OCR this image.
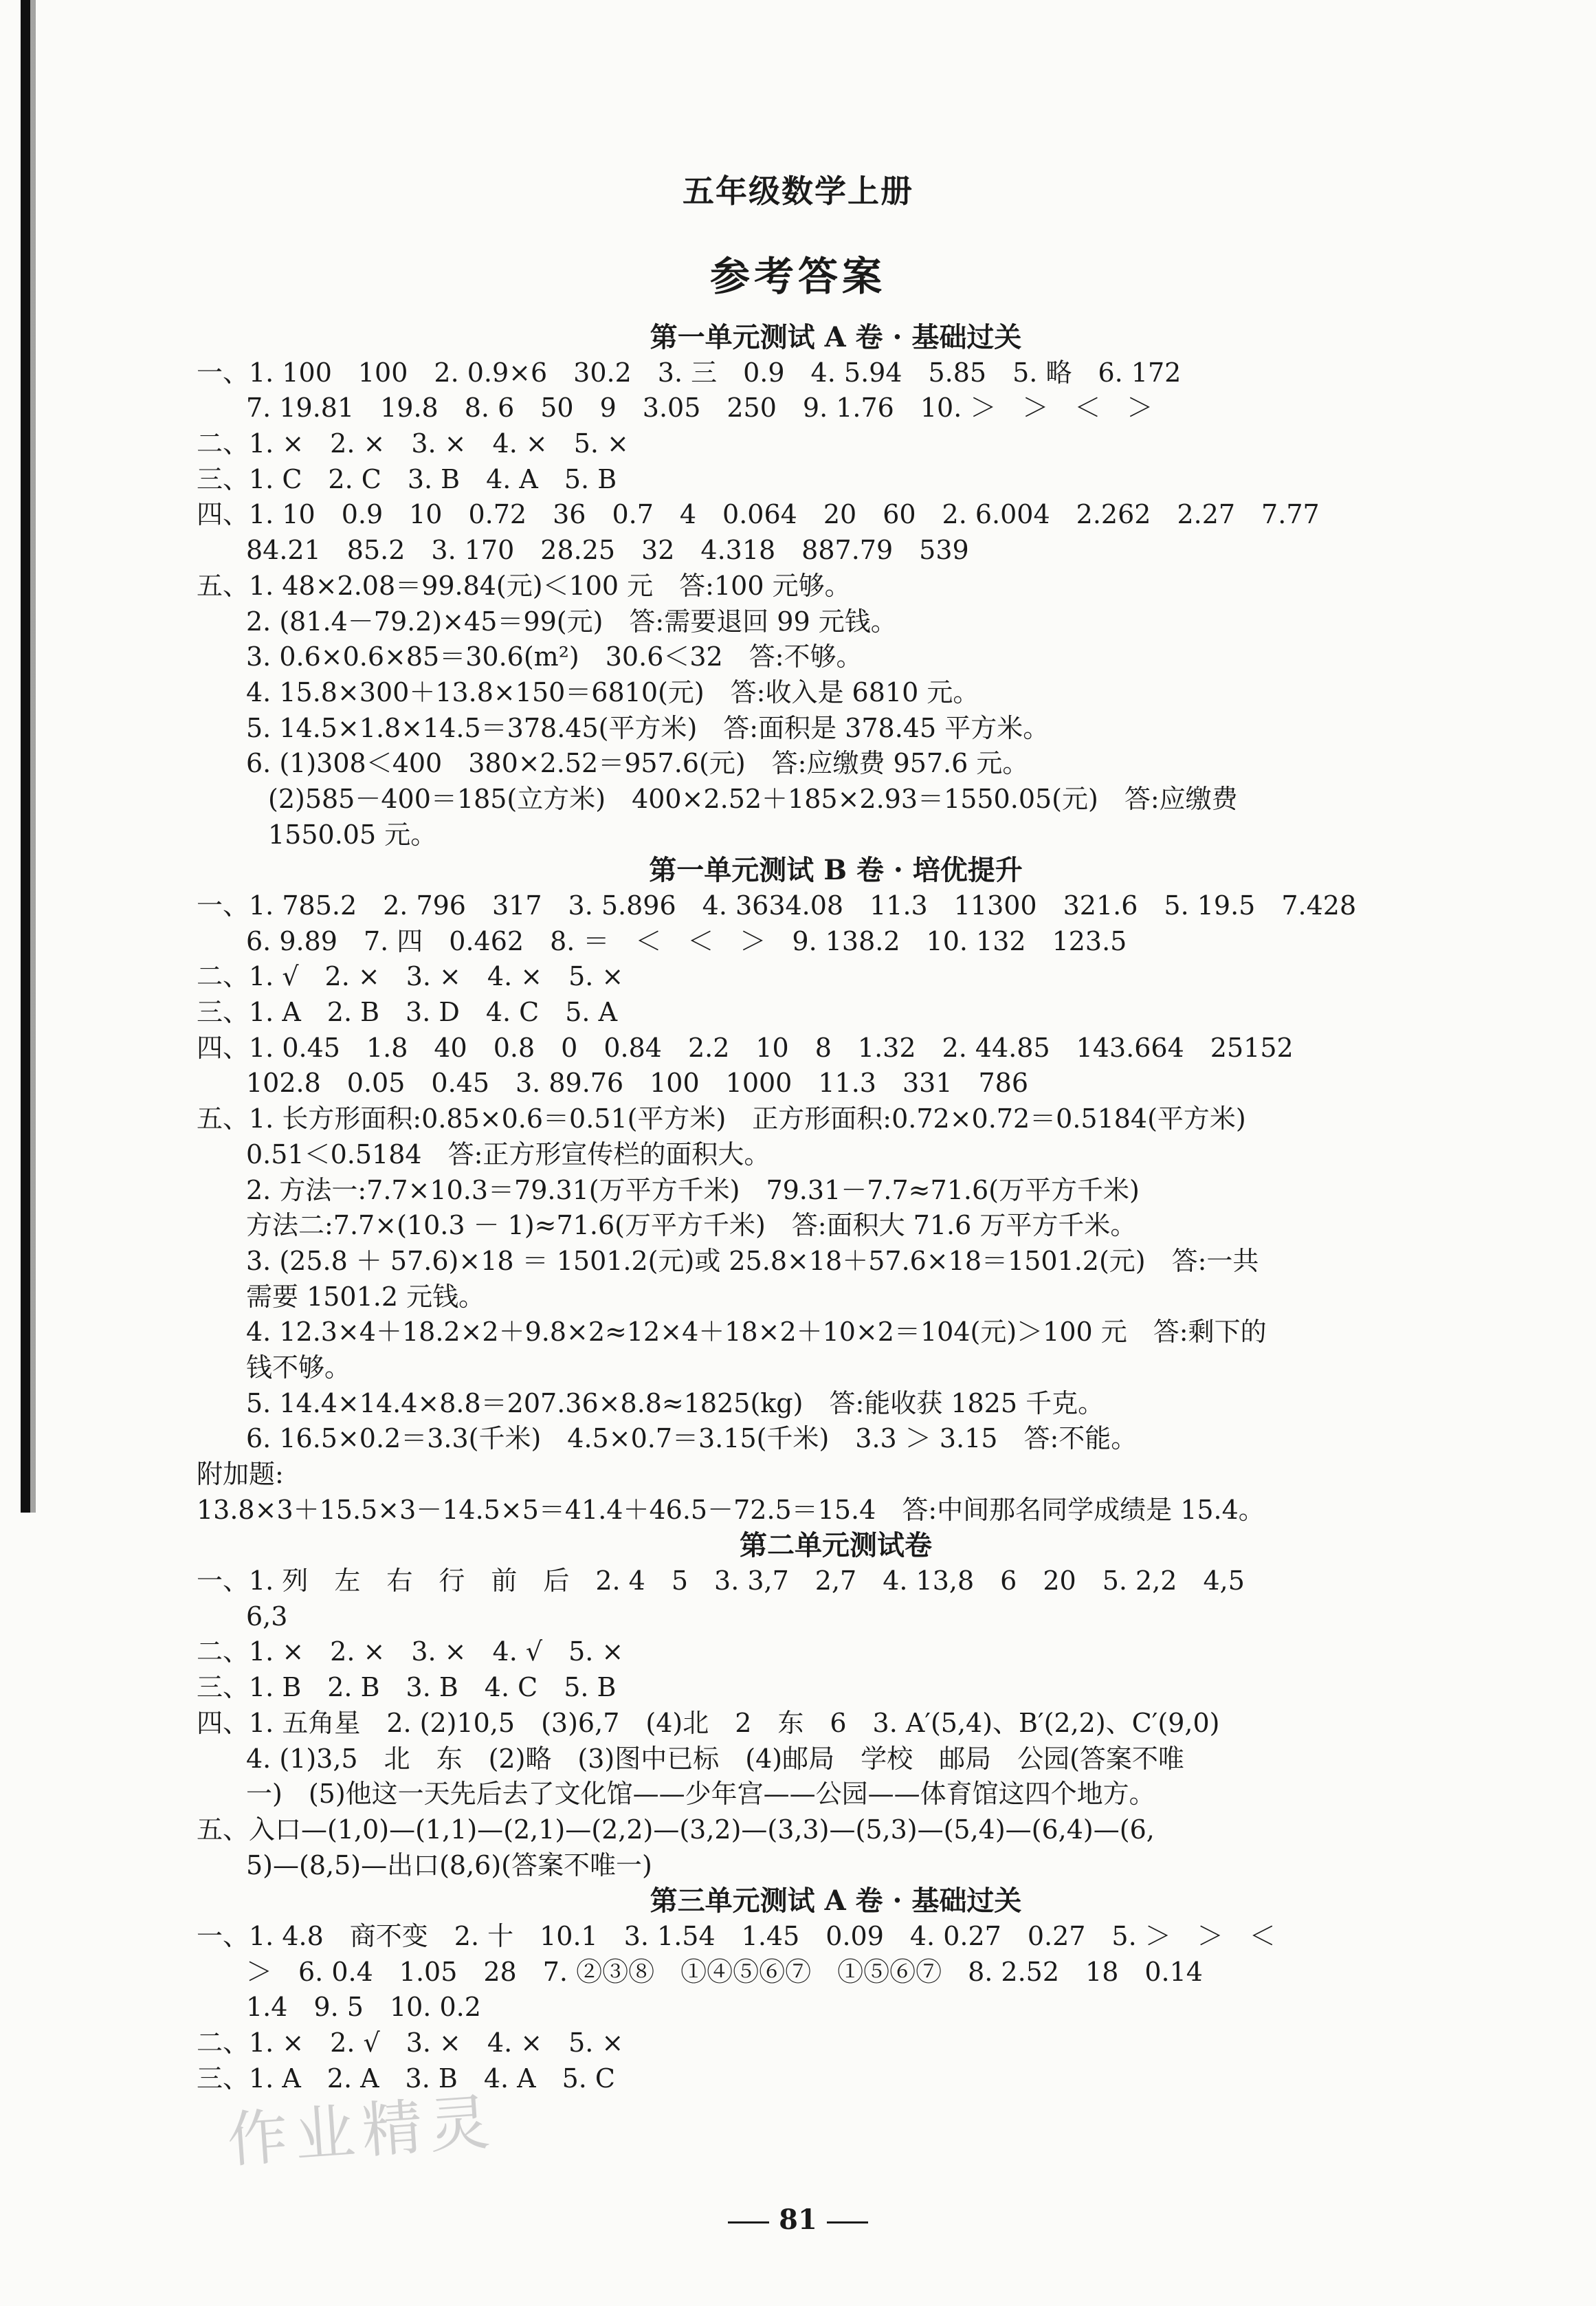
五年级数学上册
参考答案
第一单元测试 A 卷 · 基础过关
一、1. 100　100　2. 0.9×6　30.2　3. 三　0.9　4. 5.94　5.85　5. 略　6. 172
7. 19.81　19.8　8. 6　50　9　3.05　250　9. 1.76　10. ＞　＞　＜　＞
二、1. ×　2. ×　3. ×　4. ×　5. ×
三、1. C　2. C　3. B　4. A　5. B
四、1. 10　0.9　10　0.72　36　0.7　4　0.064　20　60　2. 6.004　2.262　2.27　7.77
84.21　85.2　3. 170　28.25　32　4.318　887.79　539
五、1. 48×2.08＝99.84(元)＜100 元　答:100 元够。
2. (81.4－79.2)×45＝99(元)　答:需要退回 99 元钱。
3. 0.6×0.6×85＝30.6(m²)　30.6＜32　答:不够。
4. 15.8×300＋13.8×150＝6810(元)　答:收入是 6810 元。
5. 14.5×1.8×14.5＝378.45(平方米)　答:面积是 378.45 平方米。
6. (1)308＜400　380×2.52＝957.6(元)　答:应缴费 957.6 元。
(2)585－400＝185(立方米)　400×2.52＋185×2.93＝1550.05(元)　答:应缴费
1550.05 元。
第一单元测试 B 卷 · 培优提升
一、1. 785.2　2. 796　317　3. 5.896　4. 3634.08　11.3　11300　321.6　5. 19.5　7.428
6. 9.89　7. 四　0.462　8. ＝　＜　＜　＞　9. 138.2　10. 132　123.5
二、1. √　2. ×　3. ×　4. ×　5. ×
三、1. A　2. B　3. D　4. C　5. A
四、1. 0.45　1.8　40　0.8　0　0.84　2.2　10　8　1.32　2. 44.85　143.664　25152
102.8　0.05　0.45　3. 89.76　100　1000　11.3　331　786
五、1. 长方形面积:0.85×0.6＝0.51(平方米)　正方形面积:0.72×0.72＝0.5184(平方米)
0.51＜0.5184　答:正方形宣传栏的面积大。
2. 方法一:7.7×10.3＝79.31(万平方千米)　79.31－7.7≈71.6(万平方千米)
方法二:7.7×(10.3 － 1)≈71.6(万平方千米)　答:面积大 71.6 万平方千米。
3. (25.8 ＋ 57.6)×18 ＝ 1501.2(元)或 25.8×18＋57.6×18＝1501.2(元)　答:一共
需要 1501.2 元钱。
4. 12.3×4＋18.2×2＋9.8×2≈12×4＋18×2＋10×2＝104(元)＞100 元　答:剩下的
钱不够。
5. 14.4×14.4×8.8＝207.36×8.8≈1825(kg)　答:能收获 1825 千克。
6. 16.5×0.2＝3.3(千米)　4.5×0.7＝3.15(千米)　3.3 ＞ 3.15　答:不能。
附加题:
13.8×3＋15.5×3－14.5×5＝41.4＋46.5－72.5＝15.4　答:中间那名同学成绩是 15.4。
第二单元测试卷
一、1. 列　左　右　行　前　后　2. 4　5　3. 3,7　2,7　4. 13,8　6　20　5. 2,2　4,5
6,3
二、1. ×　2. ×　3. ×　4. √　5. ×
三、1. B　2. B　3. B　4. C　5. B
四、1. 五角星　2. (2)10,5　(3)6,7　(4)北　2　东　6　3. A′(5,4)、B′(2,2)、C′(9,0)
4. (1)3,5　北　东　(2)略　(3)图中已标　(4)邮局　学校　邮局　公园(答案不唯
一)　(5)他这一天先后去了文化馆——少年宫——公园——体育馆这四个地方。
五、入口—(1,0)—(1,1)—(2,1)—(2,2)—(3,2)—(3,3)—(5,3)—(5,4)—(6,4)—(6,
5)—(8,5)—出口(8,6)(答案不唯一)
第三单元测试 A 卷 · 基础过关
一、1. 4.8　商不变　2. 十　10.1　3. 1.54　1.45　0.09　4. 0.27　0.27　5. ＞　＞　＜
＞　6. 0.4　1.05　28　7. ②③⑧　①④⑤⑥⑦　①⑤⑥⑦　8. 2.52　18　0.14
1.4　9. 5　10. 0.2
二、1. ×　2. √　3. ×　4. ×　5. ×
三、1. A　2. A　3. B　4. A　5. C
作业精灵
81
